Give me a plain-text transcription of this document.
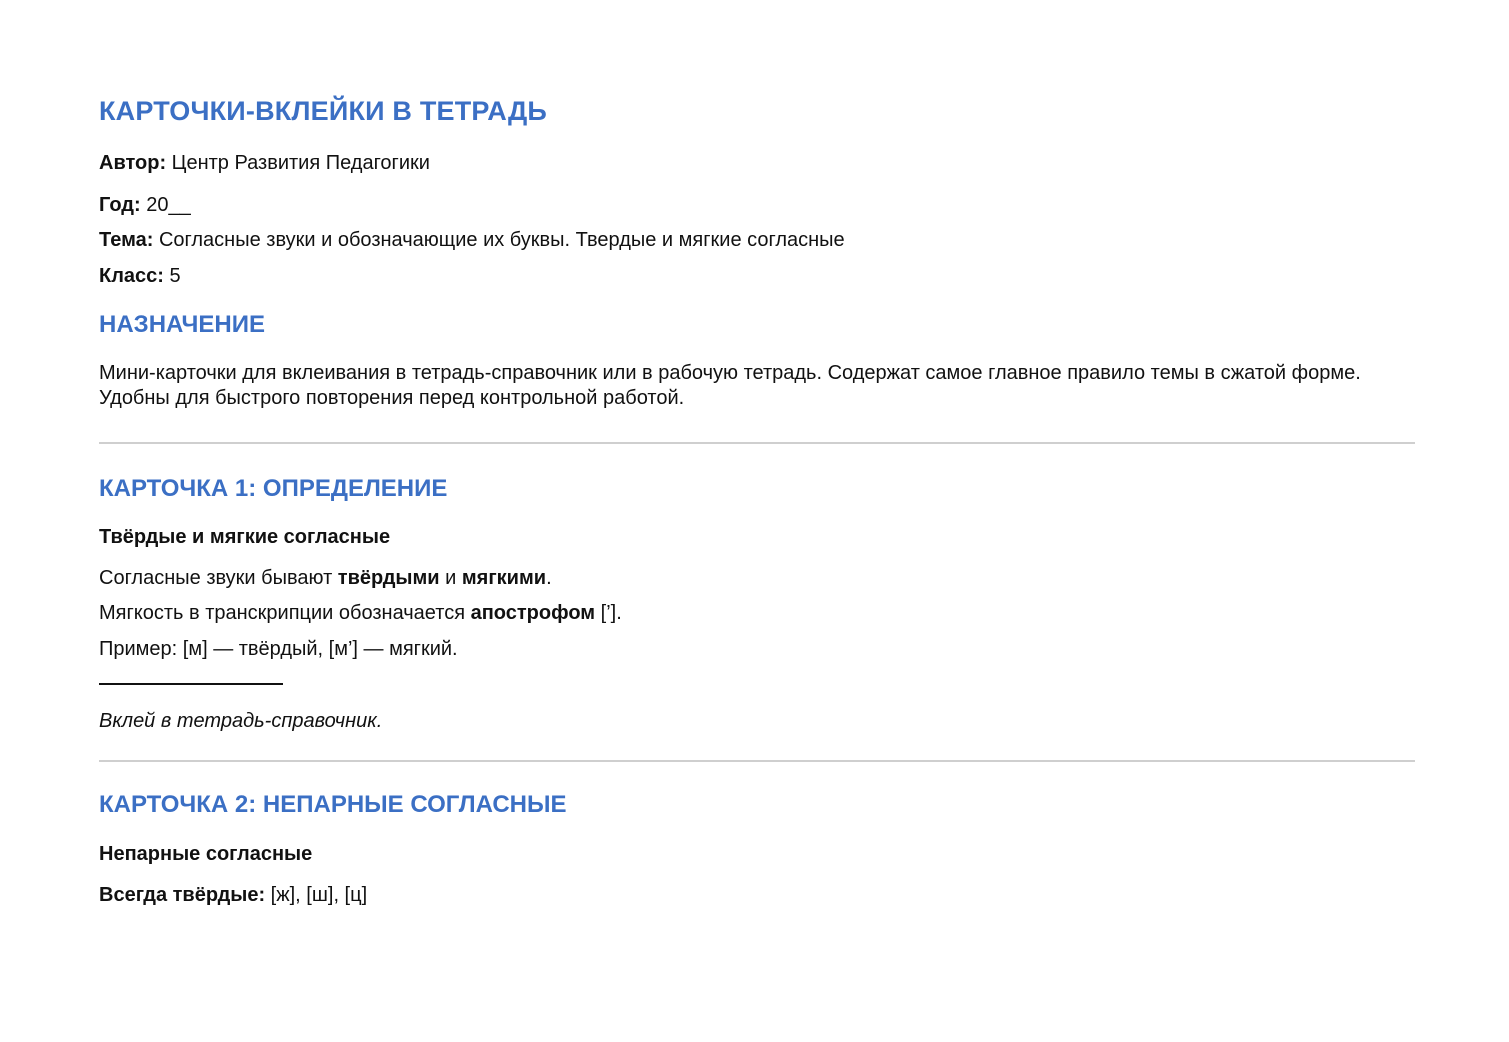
КАРТОЧКИ-ВКЛЕЙКИ В ТЕТРАДЬ

Автор: Центр Развития Педагогики

Год: 20__

Тема: Согласные звуки и обозначающие их буквы. Твердые и мягкие согласные

Класс: 5

НАЗНАЧЕНИЕ

Мини-карточки для вклеивания в тетрадь-справочник или в рабочую тетрадь. Содержат самое главное правило темы в сжатой форме. Удобны для быстрого повторения перед контрольной работой.

КАРТОЧКА 1: ОПРЕДЕЛЕНИЕ

Твёрдые и мягкие согласные

Согласные звуки бывают твёрдыми и мягкими.

Мягкость в транскрипции обозначается апострофом [’].

Пример: [м] — твёрдый, [м’] — мягкий.

Вклей в тетрадь-справочник.

КАРТОЧКА 2: НЕПАРНЫЕ СОГЛАСНЫЕ

Непарные согласные

Всегда твёрдые: [ж], [ш], [ц]
